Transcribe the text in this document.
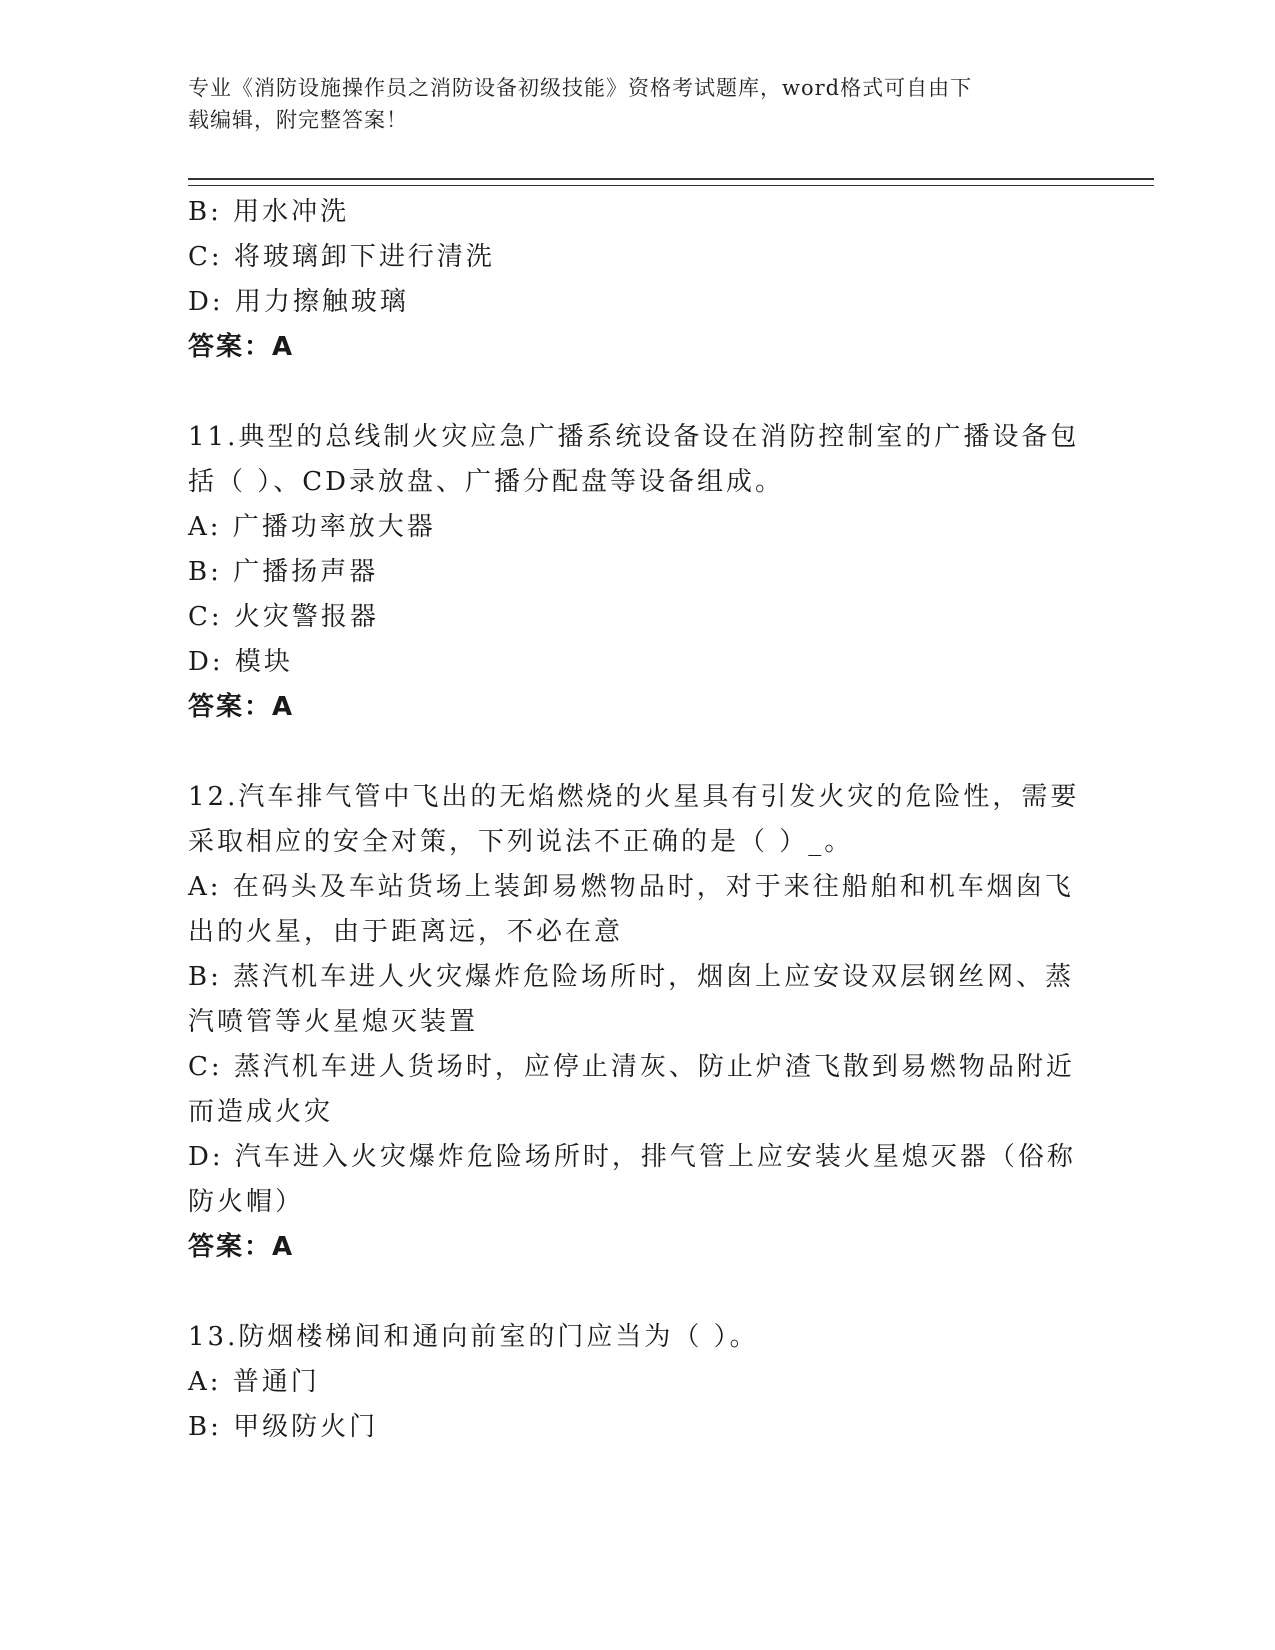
专业《消防设施操作员之消防设备初级技能》资格考试题库，word格式可自由下
载编辑，附完整答案！
B: 用水冲洗
C: 将玻璃卸下进行清洗
D: 用力擦触玻璃
答案：A
11.典型的总线制火灾应急广播系统设备设在消防控制室的广播设备包
括（ ）、CD录放盘、广播分配盘等设备组成。
A: 广播功率放大器
B: 广播扬声器
C: 火灾警报器
D: 模块
答案：A
12.汽车排气管中飞出的无焰燃烧的火星具有引发火灾的危险性，需要
采取相应的安全对策，下列说法不正确的是（ ）_。
A: 在码头及车站货场上装卸易燃物品时，对于来往船舶和机车烟囱飞
出的火星，由于距离远，不必在意
B: 蒸汽机车进人火灾爆炸危险场所时，烟囱上应安设双层钢丝网、蒸
汽喷管等火星熄灭装置
C: 蒸汽机车进人货场时，应停止清灰、防止炉渣飞散到易燃物品附近
而造成火灾
D: 汽车进入火灾爆炸危险场所时，排气管上应安装火星熄灭器（俗称
防火帽）
答案：A
13.防烟楼梯间和通向前室的门应当为（ ）。
A: 普通门
B: 甲级防火门
